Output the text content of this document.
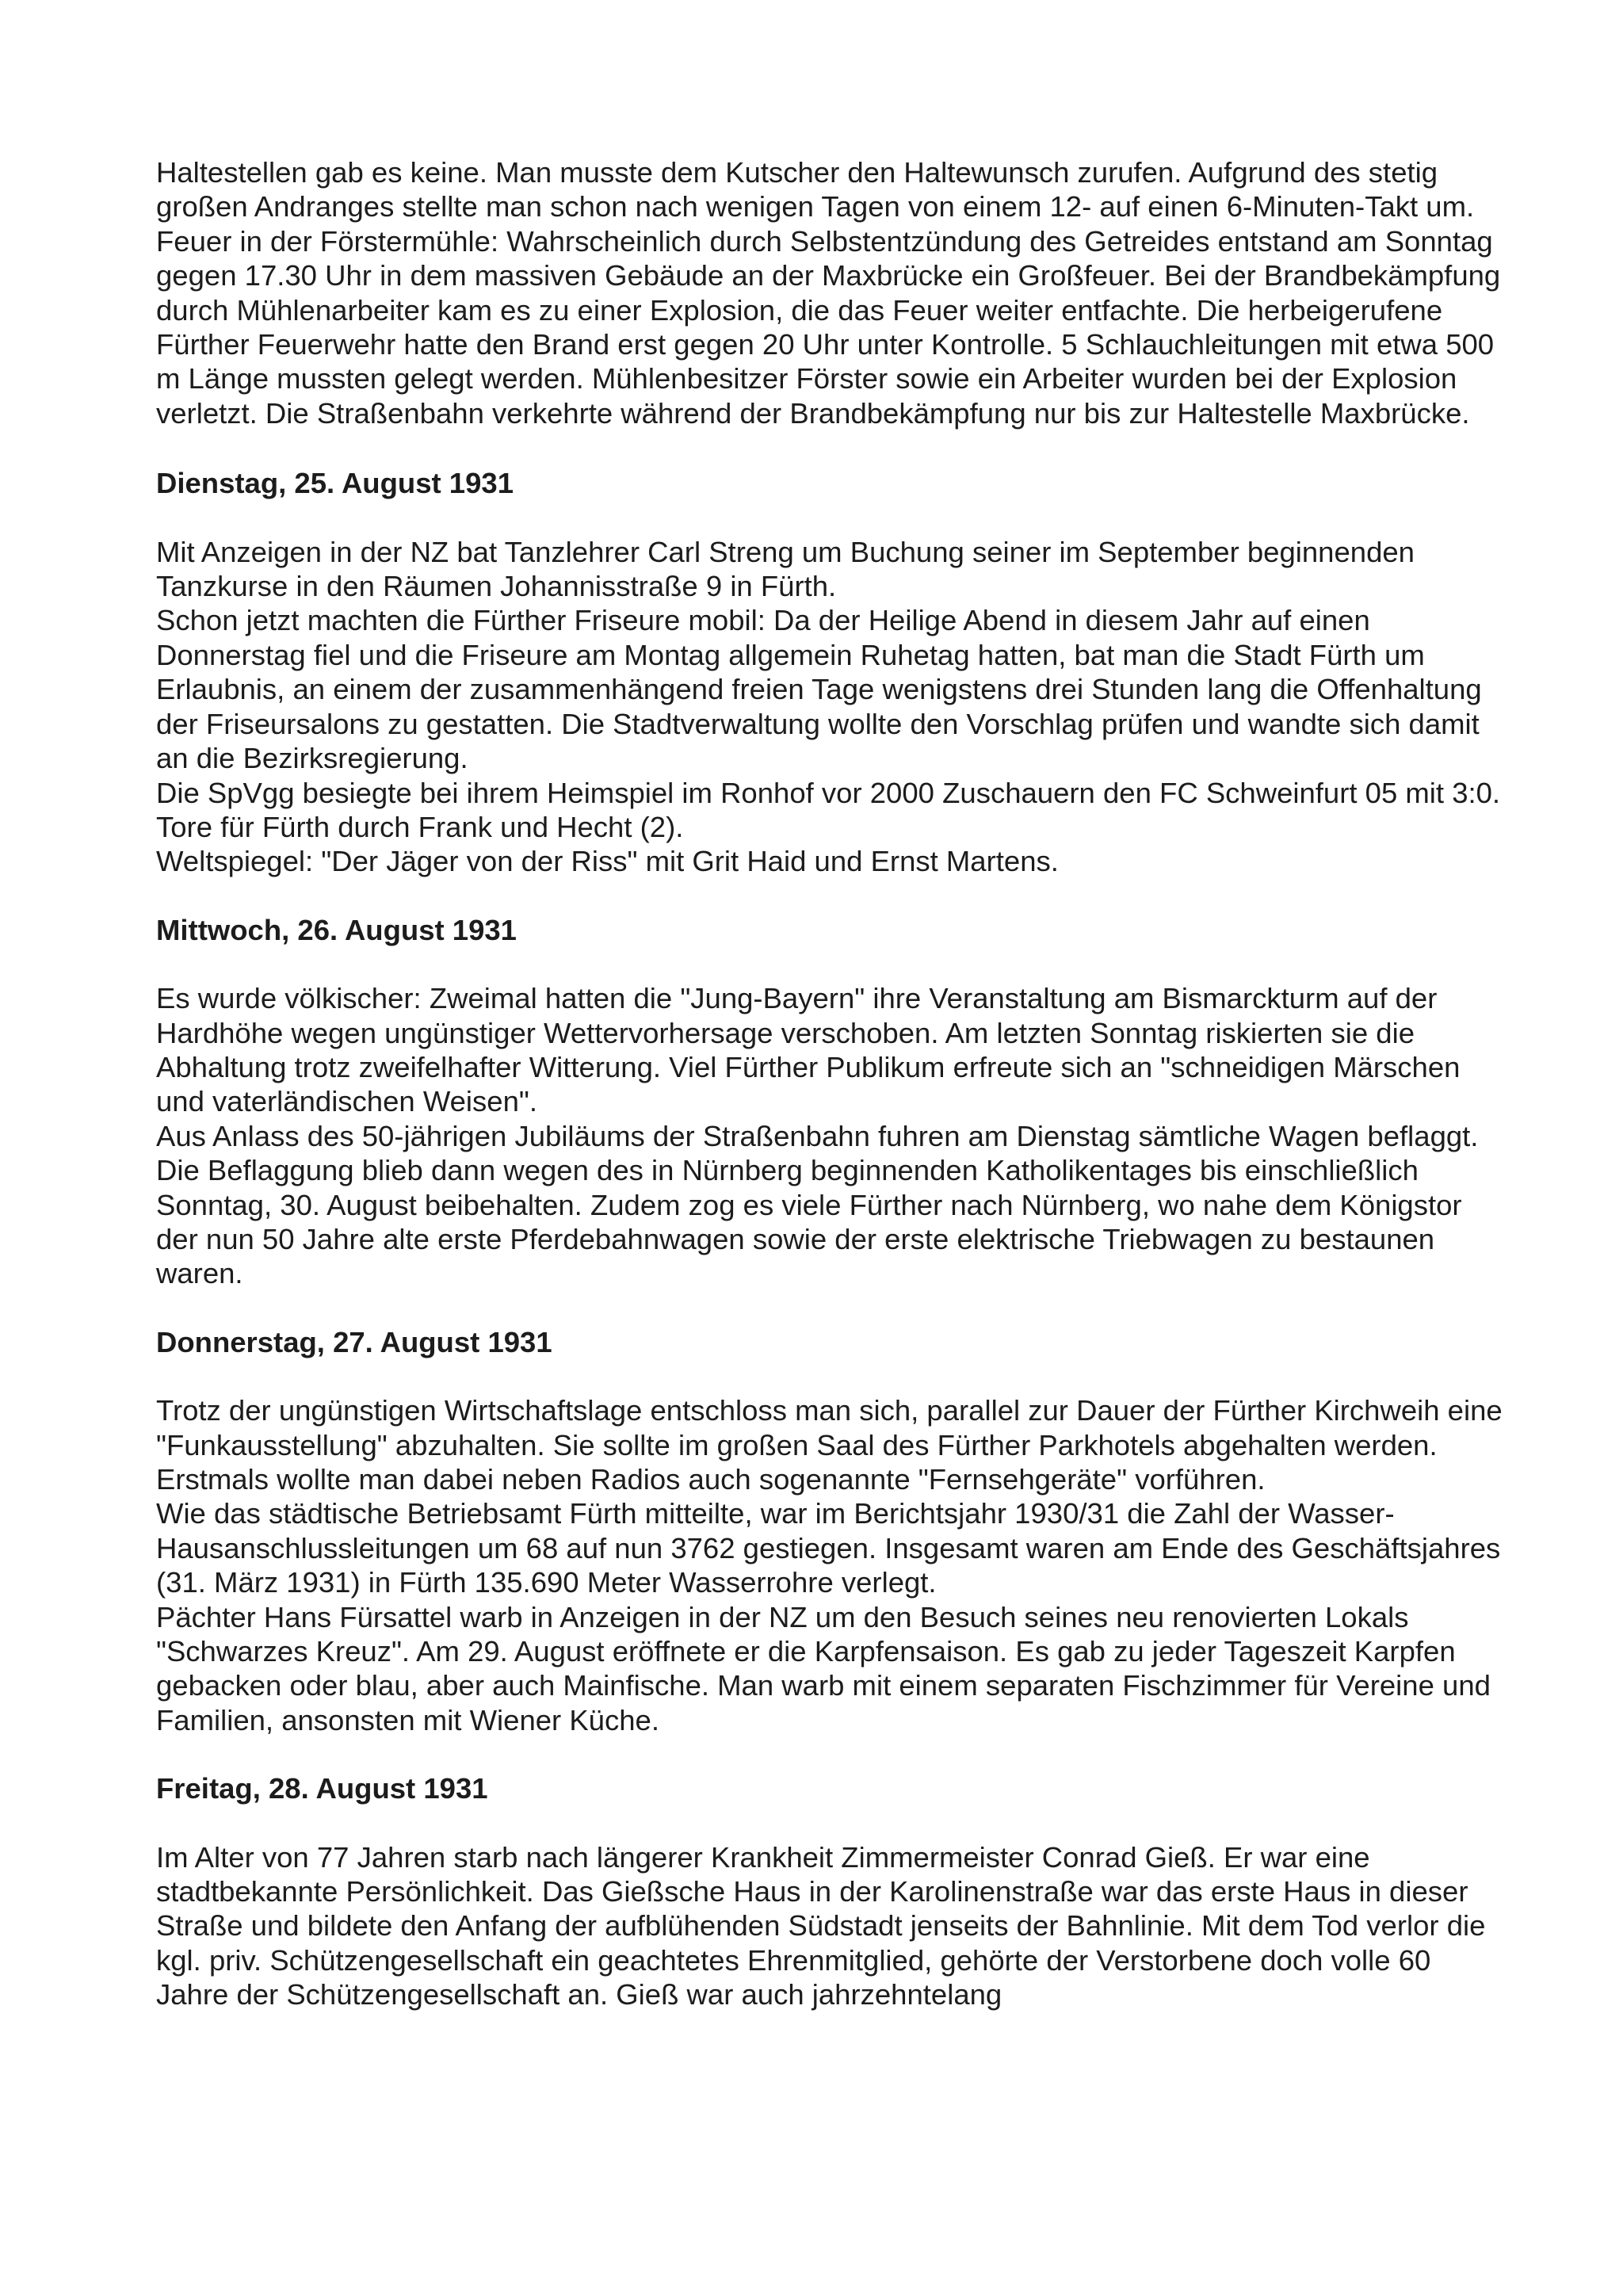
Haltestellen gab es keine. Man musste dem Kutscher den Haltewunsch zurufen. Aufgrund des stetig großen Andranges stellte man schon nach wenigen Tagen von einem 12- auf einen 6-Minuten-Takt um.

Feuer in der Förstermühle: Wahrscheinlich durch Selbstentzündung des Getreides entstand am Sonntag gegen 17.30 Uhr in dem massiven Gebäude an der Maxbrücke ein Großfeuer. Bei der Brandbekämpfung durch Mühlenarbeiter kam es zu einer Explosion, die das Feuer weiter entfachte. Die herbeigerufene Fürther Feuerwehr hatte den Brand erst gegen 20 Uhr unter Kontrolle. 5 Schlauchleitungen mit etwa 500 m Länge mussten gelegt werden. Mühlenbesitzer Förster sowie ein Arbeiter wurden bei der Explosion verletzt. Die Straßenbahn verkehrte während der Brandbekämpfung nur bis zur Haltestelle Maxbrücke.

Dienstag, 25. August 1931

Mit Anzeigen in der NZ bat Tanzlehrer Carl Streng um Buchung seiner im September beginnenden Tanzkurse in den Räumen Johannisstraße 9 in Fürth.

Schon jetzt machten die Fürther Friseure mobil: Da der Heilige Abend in diesem Jahr auf einen Donnerstag fiel und die Friseure am Montag allgemein Ruhetag hatten, bat man die Stadt Fürth um Erlaubnis, an einem der zusammenhängend freien Tage wenigstens drei Stunden lang die Offenhaltung der Friseursalons zu gestatten. Die Stadtverwaltung wollte den Vorschlag prüfen und wandte sich damit an die Bezirksregierung.

Die SpVgg besiegte bei ihrem Heimspiel im Ronhof vor 2000 Zuschauern den FC Schweinfurt 05 mit 3:0. Tore für Fürth durch Frank und Hecht (2).

Weltspiegel: "Der Jäger von der Riss" mit Grit Haid und Ernst Martens.

Mittwoch, 26. August 1931

Es wurde völkischer: Zweimal hatten die "Jung-Bayern" ihre Veranstaltung am Bismarckturm auf der Hardhöhe wegen ungünstiger Wettervorhersage verschoben. Am letzten Sonntag riskierten sie die Abhaltung trotz zweifelhafter Witterung. Viel Fürther Publikum erfreute sich an "schneidigen Märschen und vaterländischen Weisen".

Aus Anlass des 50-jährigen Jubiläums der Straßenbahn fuhren am Dienstag sämtliche Wagen beflaggt. Die Beflaggung blieb dann wegen des in Nürnberg beginnenden Katholikentages bis einschließlich Sonntag, 30. August beibehalten. Zudem zog es viele Fürther nach Nürnberg, wo nahe dem Königstor der nun 50 Jahre alte erste Pferdebahnwagen sowie der erste elektrische Triebwagen zu bestaunen waren.

Donnerstag, 27. August 1931

Trotz der ungünstigen Wirtschaftslage entschloss man sich, parallel zur Dauer der Fürther Kirchweih eine "Funkausstellung" abzuhalten. Sie sollte im großen Saal des Fürther Parkhotels abgehalten werden. Erstmals wollte man dabei neben Radios auch sogenannte "Fernsehgeräte" vorführen.

Wie das städtische Betriebsamt Fürth mitteilte, war im Berichtsjahr 1930/31 die Zahl der Wasser-Hausanschlussleitungen um 68 auf nun 3762 gestiegen. Insgesamt waren am Ende des Geschäftsjahres (31. März 1931) in Fürth 135.690 Meter Wasserrohre verlegt.

Pächter Hans Fürsattel warb in Anzeigen in der NZ um den Besuch seines neu renovierten Lokals "Schwarzes Kreuz". Am 29. August eröffnete er die Karpfensaison. Es gab zu jeder Tageszeit Karpfen gebacken oder blau, aber auch Mainfische. Man warb mit einem separaten Fischzimmer für Vereine und Familien, ansonsten mit Wiener Küche.

Freitag, 28. August 1931

Im Alter von 77 Jahren starb nach längerer Krankheit Zimmermeister Conrad Gieß. Er war eine stadtbekannte Persönlichkeit. Das Gießsche Haus in der Karolinenstraße war das erste Haus in dieser Straße und bildete den Anfang der aufblühenden Südstadt jenseits der Bahnlinie. Mit dem Tod verlor die kgl. priv. Schützengesellschaft ein geachtetes Ehrenmitglied, gehörte der Verstorbene doch volle 60 Jahre der Schützengesellschaft an. Gieß war auch jahrzehntelang
